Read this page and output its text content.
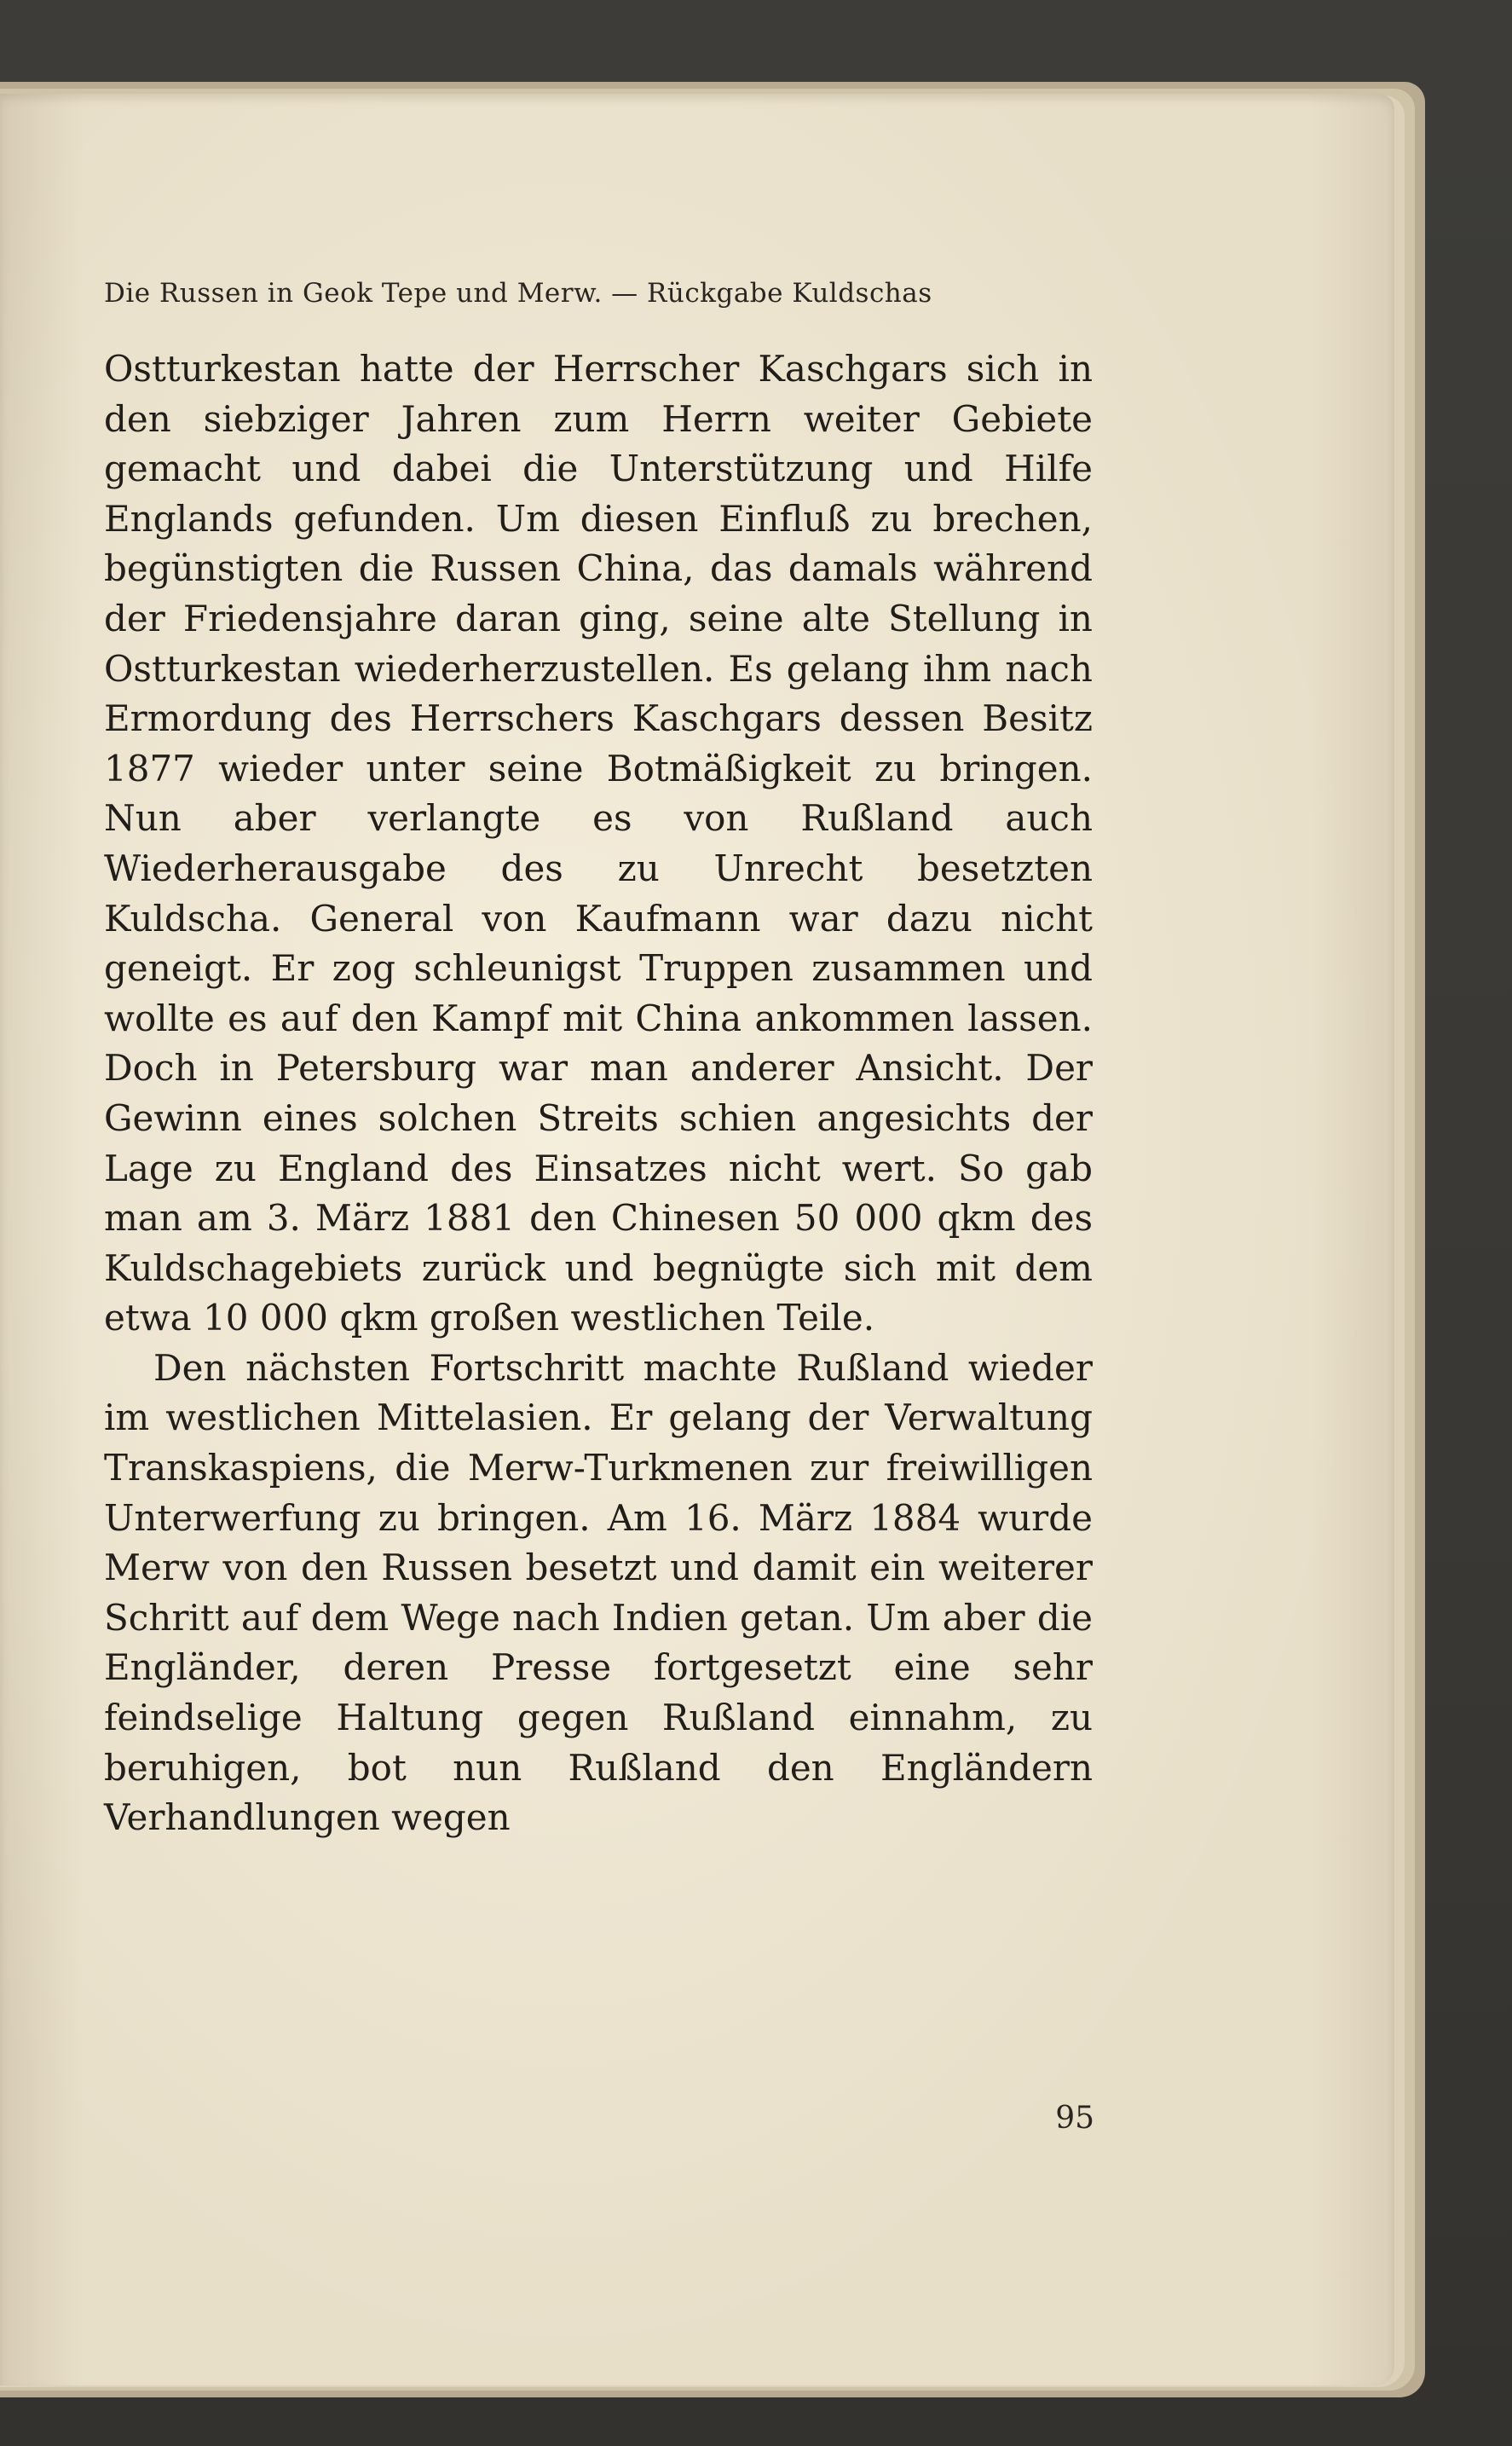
Die Russen in Geok Tepe und Merw. — Rückgabe Kuldschas

Ostturkestan hatte der Herrscher Kaschgars sich in den siebziger Jahren zum Herrn weiter Gebiete gemacht und dabei die Unterstützung und Hilfe Englands gefunden. Um diesen Einfluß zu brechen, begünstigten die Russen China, das damals während der Friedensjahre daran ging, seine alte Stellung in Ostturkestan wiederherzustellen. Es gelang ihm nach Ermordung des Herrschers Kaschgars dessen Besitz 1877 wieder unter seine Botmäßigkeit zu bringen. Nun aber verlangte es von Rußland auch Wiederherausgabe des zu Unrecht besetzten Kuldscha. General von Kaufmann war dazu nicht geneigt. Er zog schleunigst Truppen zusammen und wollte es auf den Kampf mit China ankommen lassen. Doch in Petersburg war man anderer Ansicht. Der Gewinn eines solchen Streits schien angesichts der Lage zu England des Einsatzes nicht wert. So gab man am 3. März 1881 den Chinesen 50 000 qkm des Kuldschagebiets zurück und begnügte sich mit dem etwa 10 000 qkm großen westlichen Teile.

Den nächsten Fortschritt machte Rußland wieder im westlichen Mittelasien. Er gelang der Verwaltung Transkaspiens, die Merw-Turkmenen zur freiwilligen Unterwerfung zu bringen. Am 16. März 1884 wurde Merw von den Russen besetzt und damit ein weiterer Schritt auf dem Wege nach Indien getan. Um aber die Engländer, deren Presse fortgesetzt eine sehr feindselige Haltung gegen Rußland einnahm, zu beruhigen, bot nun Rußland den Engländern Verhandlungen wegen

95
